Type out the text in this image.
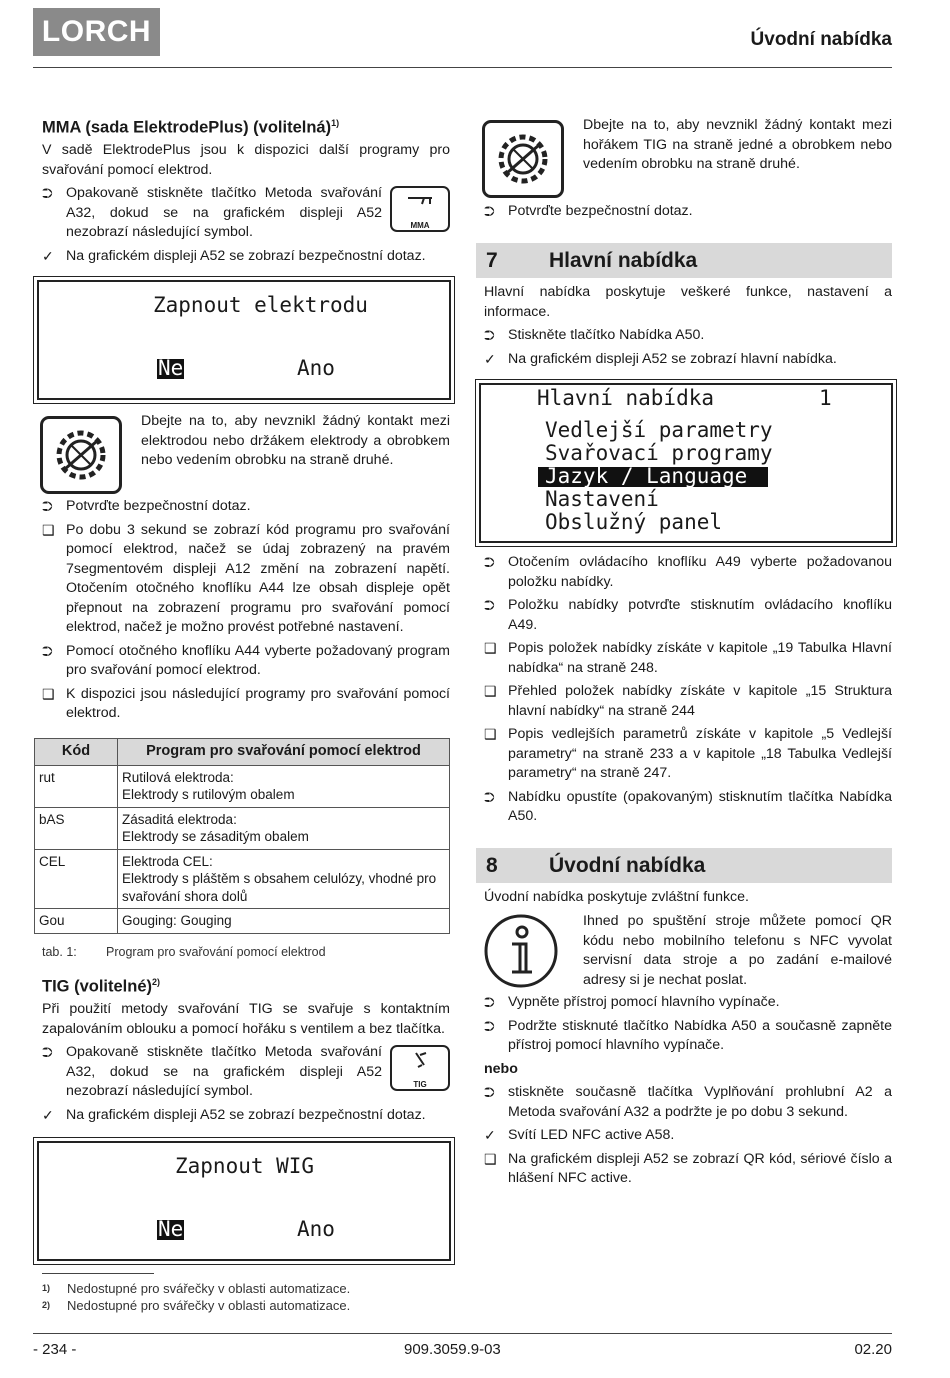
LORCH	Úvodní nabídka
MMA (sada ElektrodePlus) (volitelná)$^{1)}$
V sadě ElektrodePlus jsou k dispozici další programy pro svařování pomocí elektrod.
⮊ Opakovaně stiskněte tlačítko Metoda svařování A32, dokud se na grafickém displeji A52 nezobrazí následující symbol.	MMA
✓ Na grafickém displeji A52 se zobrazí bezpečnostní dotaz.
Zapnout elektrodu
Ne	Ano
Dbejte na to, aby nevznikl žádný kontakt mezi elektrodou nebo držákem elektrody a obrobkem nebo vedením obrobku na straně druhé.
⮊ Potvrďte bezpečnostní dotaz.
❑ Po dobu 3 sekund se zobrazí kód programu pro svařování pomocí elektrod, načež se údaj zobrazený na pravém 7segmentovém displeji A12 změní na zobrazení napětí. Otočením otočného knoflíku A44 lze obsah displeje opět přepnout na zobrazení programu pro svařování pomocí elektrod, načež je možno provést potřebné nastavení.
⮊ Pomocí otočného knoflíku A44 vyberte požadovaný program pro svařování pomocí elektrod.
❑ K dispozici jsou následující programy pro svařování pomocí elektrod.
Kód	Program pro svařování pomocí elektrod
rut	Rutilová elektroda:
Elektrody s rutilovým obalem

bAS	Zásaditá elektroda:
Elektrody se zásaditým obalem

CEL	Elektroda CEL:
Elektrody s pláštěm s obsahem celulózy, vhodné pro svařování shora dolů

Gou	Gouging: Gouging
tab. 1: Program pro svařování pomocí elektrod
TIG (volitelné)$^{2)}$
Při použití metody svařování TIG se svařuje s kontaktním zapalováním oblouku a pomocí hořáku s ventilem a bez tlačítka.
⮊ Opakovaně stiskněte tlačítko Metoda svařování A32, dokud se na grafickém displeji A52 nezobrazí následující symbol.	TIG
✓ Na grafickém displeji A52 se zobrazí bezpečnostní dotaz.
Zapnout WIG
Ne	Ano
1) Nedostupné pro svářečky v oblasti automatizace.
2) Nedostupné pro svářečky v oblasti automatizace.
Dbejte na to, aby nevznikl žádný kontakt mezi hořákem TIG na straně jedné a obrobkem nebo vedením obrobku na straně druhé.
⮊ Potvrďte bezpečnostní dotaz.
7 Hlavní nabídka
Hlavní nabídka poskytuje veškeré funkce, nastavení a informace.
⮊ Stiskněte tlačítko Nabídka A50.
✓ Na grafickém displeji A52 se zobrazí hlavní nabídka.
Hlavní nabídka	1
Vedlejší parametry
Svařovací programy
Jazyk / Language
Nastavení
Obslužný panel
⮊ Otočením ovládacího knoflíku A49 vyberte požadovanou položku nabídky.
⮊ Položku nabídky potvrďte stisknutím ovládacího knoflíku A49.
❑ Popis položek nabídky získáte v kapitole „19 Tabulka Hlavní nabídka“ na straně 248.
❑ Přehled položek nabídky získáte v kapitole „15 Struktura hlavní nabídky“ na straně 244
❑ Popis vedlejších parametrů získáte v kapitole „5 Vedlejší parametry“ na straně 233 a v kapitole „18 Tabulka Vedlejší parametry“ na straně 247.
⮊ Nabídku opustíte (opakovaným) stisknutím tlačítka Nabídka A50.
8 Úvodní nabídka
Úvodní nabídka poskytuje zvláštní funkce.
Ihned po spuštění stroje můžete pomocí QR kódu nebo mobilního telefonu s NFC vyvolat servisní data stroje a po zadání e-mailové adresy si je nechat poslat.
⮊ Vypněte přístroj pomocí hlavního vypínače.
⮊ Podržte stisknuté tlačítko Nabídka A50 a současně zapněte přístroj pomocí hlavního vypínače.
nebo
⮊ stiskněte současně tlačítka Vyplňování prohlubní A2 a Metoda svařování A32 a podržte je po dobu 3 sekund.
✓ Svítí LED NFC active A58.
❑ Na grafickém displeji A52 se zobrazí QR kód, sériové číslo a hlášení NFC active.
- 234 -	909.3059.9-03	02.20
